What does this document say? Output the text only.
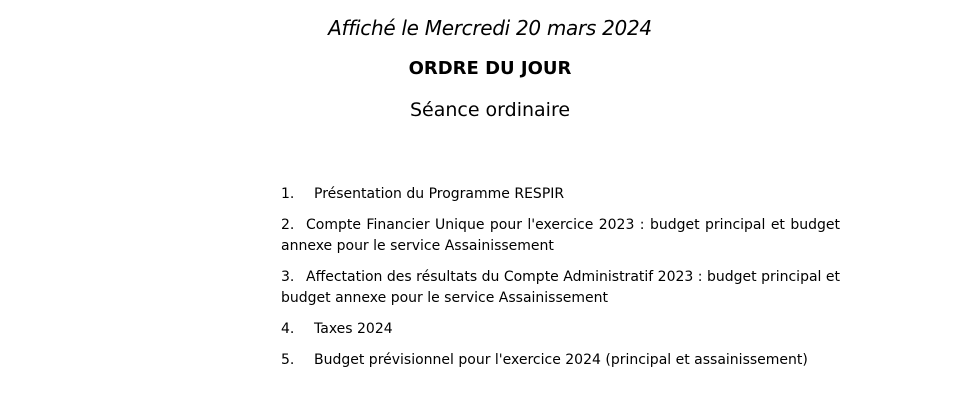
Affiché le Mercredi 20 mars 2024
ORDRE DU JOUR
Séance ordinaire
1. Présentation du Programme RESPIR
2. Compte Financier Unique pour l'exercice 2023 : budget principal et budget annexe pour le service Assainissement
3. Affectation des résultats du Compte Administratif 2023 : budget principal et budget annexe pour le service Assainissement
4. Taxes 2024
5. Budget prévisionnel pour l'exercice 2024 (principal et assainissement)
